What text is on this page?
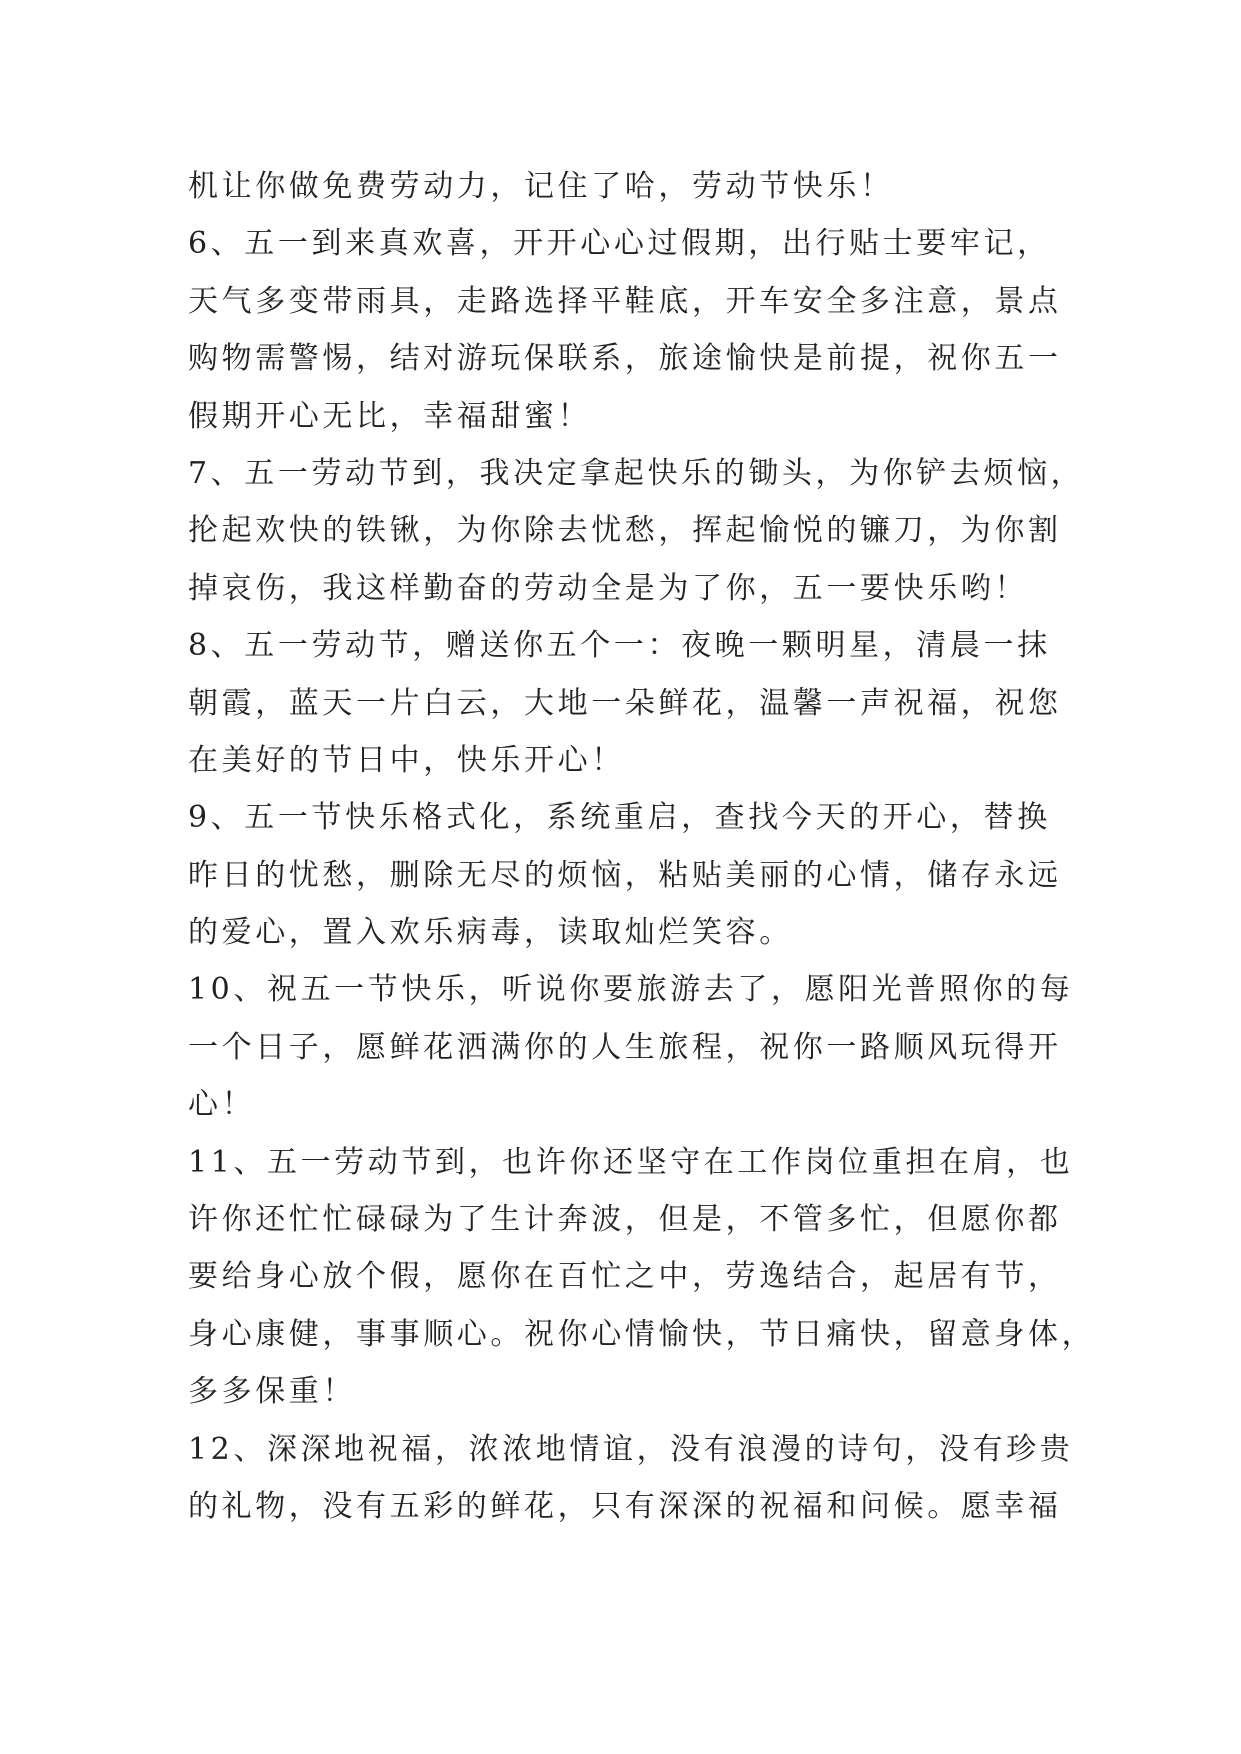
机让你做免费劳动力，记住了哈，劳动节快乐！
6、五一到来真欢喜，开开心心过假期，出行贴士要牢记，
天气多变带雨具，走路选择平鞋底，开车安全多注意，景点
购物需警惕，结对游玩保联系，旅途愉快是前提，祝你五一
假期开心无比，幸福甜蜜！
7、五一劳动节到，我决定拿起快乐的锄头，为你铲去烦恼，
抡起欢快的铁锹，为你除去忧愁，挥起愉悦的镰刀，为你割
掉哀伤，我这样勤奋的劳动全是为了你，五一要快乐哟！
8、五一劳动节，赠送你五个一：夜晚一颗明星，清晨一抹
朝霞，蓝天一片白云，大地一朵鲜花，温馨一声祝福，祝您
在美好的节日中，快乐开心！
9、五一节快乐格式化，系统重启，查找今天的开心，替换
昨日的忧愁，删除无尽的烦恼，粘贴美丽的心情，储存永远
的爱心，置入欢乐病毒，读取灿烂笑容。
10、祝五一节快乐，听说你要旅游去了，愿阳光普照你的每
一个日子，愿鲜花洒满你的人生旅程，祝你一路顺风玩得开
心！
11、五一劳动节到，也许你还坚守在工作岗位重担在肩，也
许你还忙忙碌碌为了生计奔波，但是，不管多忙，但愿你都
要给身心放个假，愿你在百忙之中，劳逸结合，起居有节，
身心康健，事事顺心。祝你心情愉快，节日痛快，留意身体，
多多保重！
12、深深地祝福，浓浓地情谊，没有浪漫的诗句，没有珍贵
的礼物，没有五彩的鲜花，只有深深的祝福和问候。愿幸福
